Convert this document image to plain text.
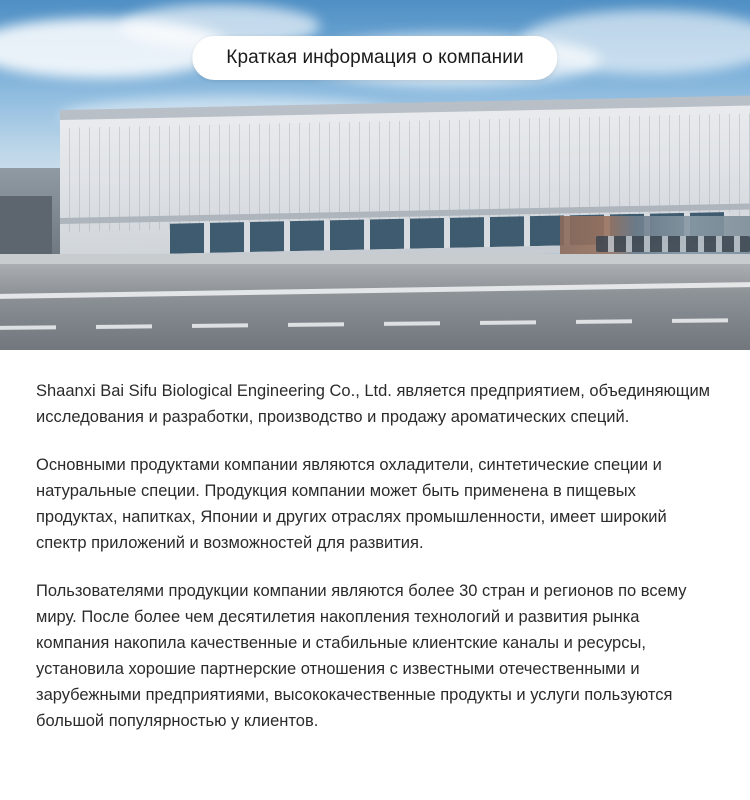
Краткая информация о компании

Shaanxi Bai Sifu Biological Engineering Co., Ltd. является предприятием, объединяющим исследования и разработки, производство и продажу ароматических специй.

Основными продуктами компании являются охладители, синтетические специи и натуральные специи. Продукция компании может быть применена в пищевых продуктах, напитках, Японии и других отраслях промышленности, имеет широкий спектр приложений и возможностей для развития.

Пользователями продукции компании являются более 30 стран и регионов по всему миру. После более чем десятилетия накопления технологий и развития рынка компания накопила качественные и стабильные клиентские каналы и ресурсы, установила хорошие партнерские отношения с известными отечественными и зарубежными предприятиями, высококачественные продукты и услуги пользуются большой популярностью у клиентов.
